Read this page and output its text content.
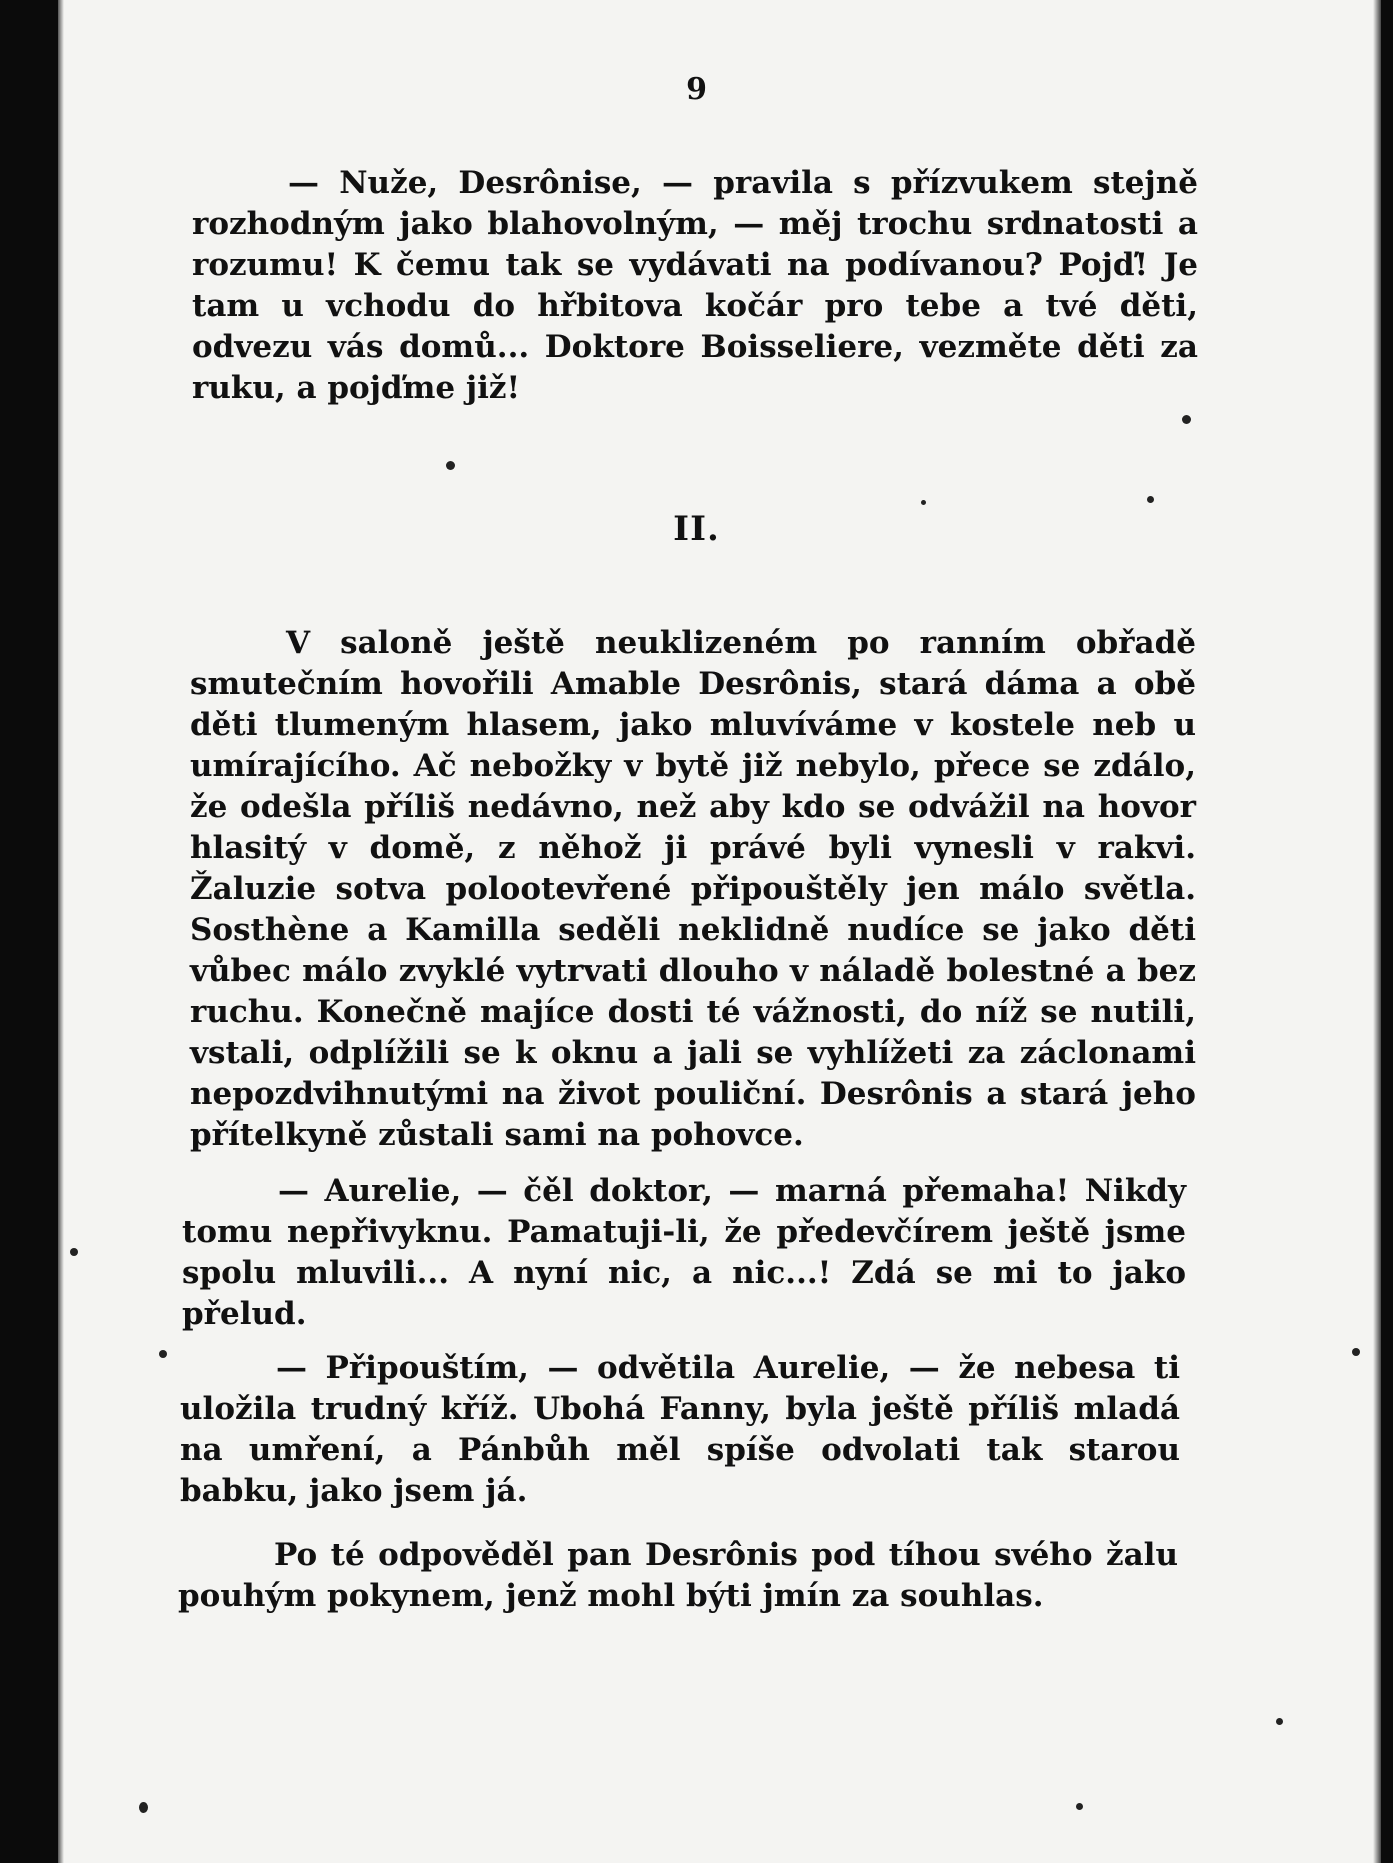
9

— Nuže, Desrônise, — pravila s přízvukem stejně rozhodným jako blahovolným, — měj trochu srdnatosti a rozumu! K čemu tak se vydávati na podívanou? Pojď! Je tam u vchodu do hřbitova kočár pro tebe a tvé děti, odvezu vás domů... Doktore Boisseliere, vezměte děti za ruku, a pojďme již!

II.

V saloně ještě neuklizeném po ranním obřadě smutečním hovořili Amable Desrônis, stará dáma a obě děti tlumeným hlasem, jako mluvíváme v kostele neb u umírajícího. Ač nebožky v bytě již nebylo, přece se zdálo, že odešla příliš nedávno, než aby kdo se odvážil na hovor hlasitý v domě, z něhož ji právé byli vynesli v rakvi. Žaluzie sotva polootevřené připouštěly jen málo světla. Sosthène a Kamilla seděli neklidně nudíce se jako děti vůbec málo zvyklé vytrvati dlouho v náladě bolestné a bez ruchu. Konečně majíce dosti té vážnosti, do níž se nutili, vstali, odplížili se k oknu a jali se vyhlížeti za záclonami nepozdvihnutými na život pouliční. Desrônis a stará jeho přítelkyně zůstali sami na pohovce.

— Aurelie, — čěl doktor, — marná přemaha! Nikdy tomu nepřivyknu. Pamatuji-li, že předevčírem ještě jsme spolu mluvili... A nyní nic, a nic...! Zdá se mi to jako přelud.

— Připouštím, — odvětila Aurelie, — že nebesa ti uložila trudný kříž. Ubohá Fanny, byla ještě příliš mladá na umření, a Pánbůh měl spíše odvolati tak starou babku, jako jsem já.

Po té odpověděl pan Desrônis pod tíhou svého žalu pouhým pokynem, jenž mohl býti jmín za souhlas.
